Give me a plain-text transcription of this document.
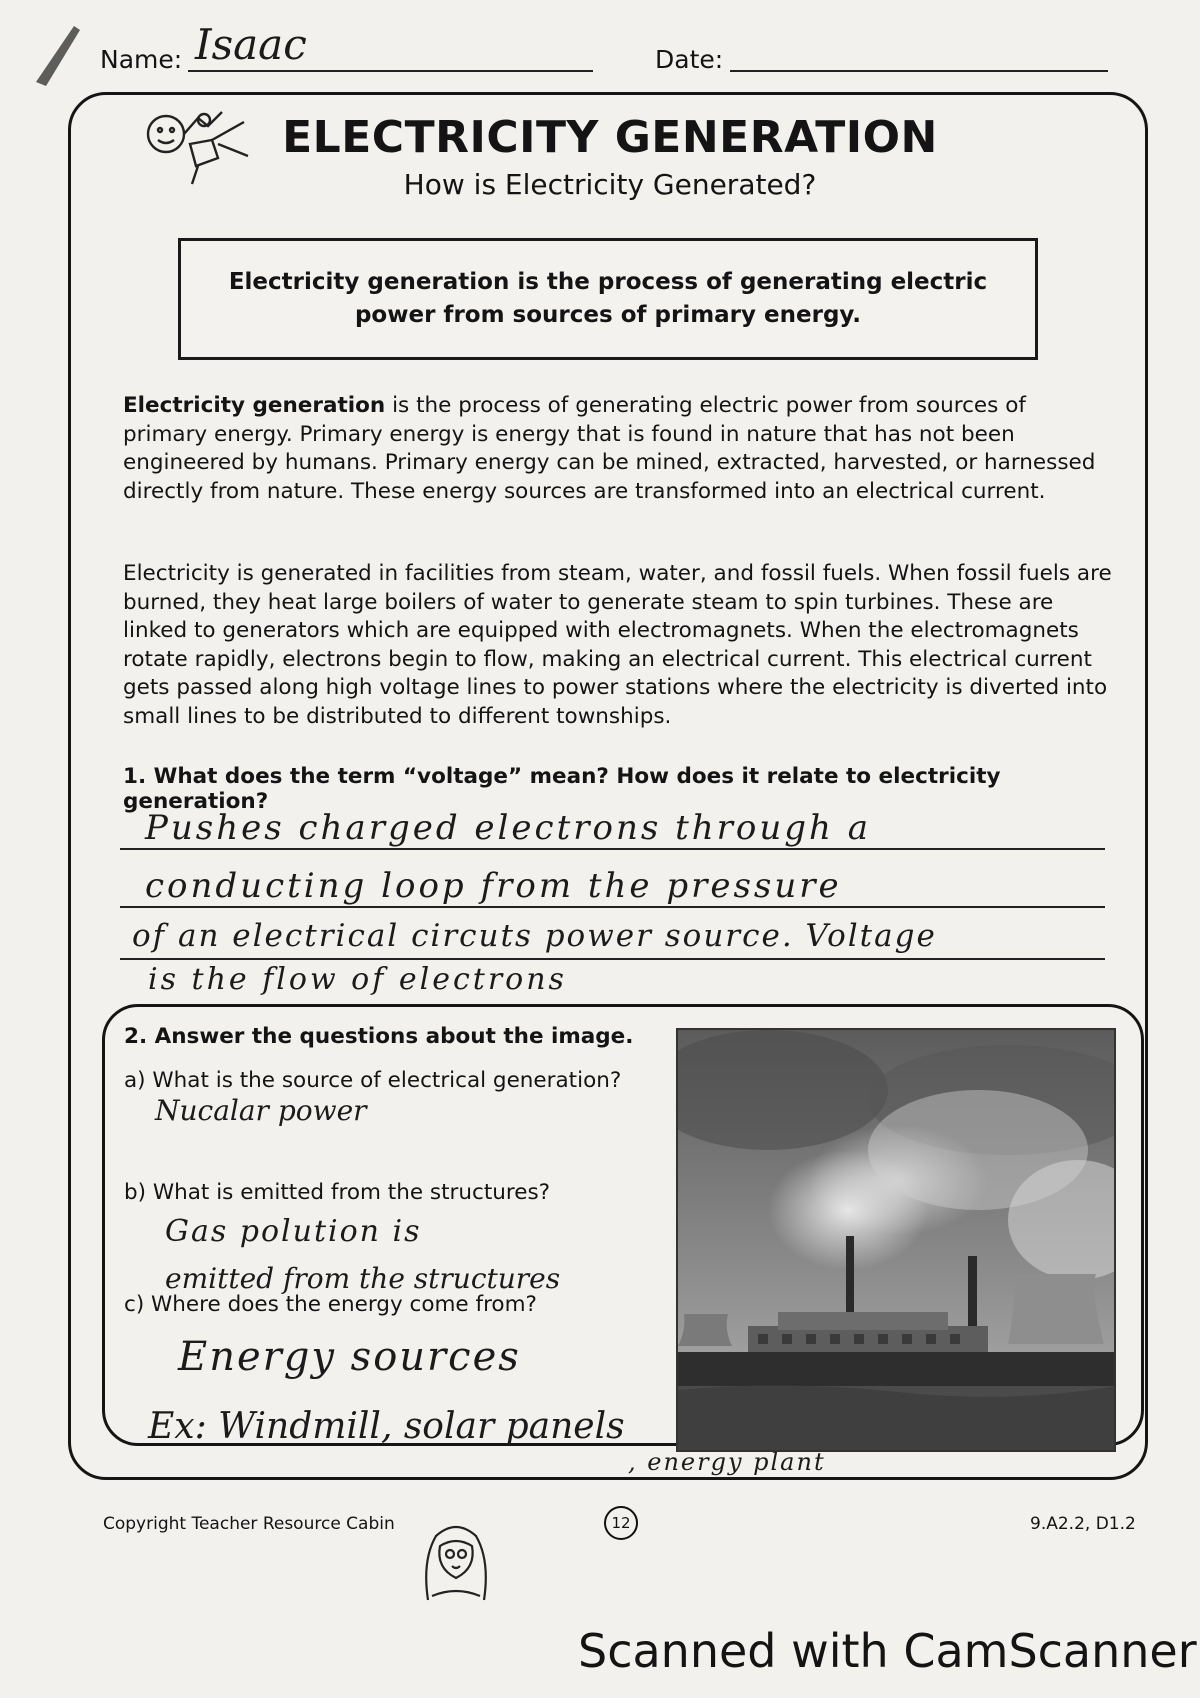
Name: Isaac	Date:
ELECTRICITY GENERATION
How is Electricity Generated?
Electricity generation is the process of generating electric power from sources of primary energy.
Electricity generation is the process of generating electric power from sources of primary energy. Primary energy is energy that is found in nature that has not been engineered by humans. Primary energy can be mined, extracted, harvested, or harnessed directly from nature. These energy sources are transformed into an electrical current.
Electricity is generated in facilities from steam, water, and fossil fuels. When fossil fuels are burned, they heat large boilers of water to generate steam to spin turbines. These are linked to generators which are equipped with electromagnets. When the electromagnets rotate rapidly, electrons begin to flow, making an electrical current. This electrical current gets passed along high voltage lines to power stations where the electricity is diverted into small lines to be distributed to different townships.
1. What does the term “voltage” mean? How does it relate to electricity generation?
Pushes charged electrons through a
conducting loop from the pressure
of an electrical circuts power source. Voltage
is the flow of electrons
2. Answer the questions about the image.
a) What is the source of electrical generation?
Nucalar power
b) What is emitted from the structures?
Gas polution is
emitted from the structures
c) Where does the energy come from?
Energy sources
Ex: Windmill, solar panels
, energy plant
Copyright Teacher Resource Cabin	12	9.A2.2, D1.2
Scanned with CamScanner
